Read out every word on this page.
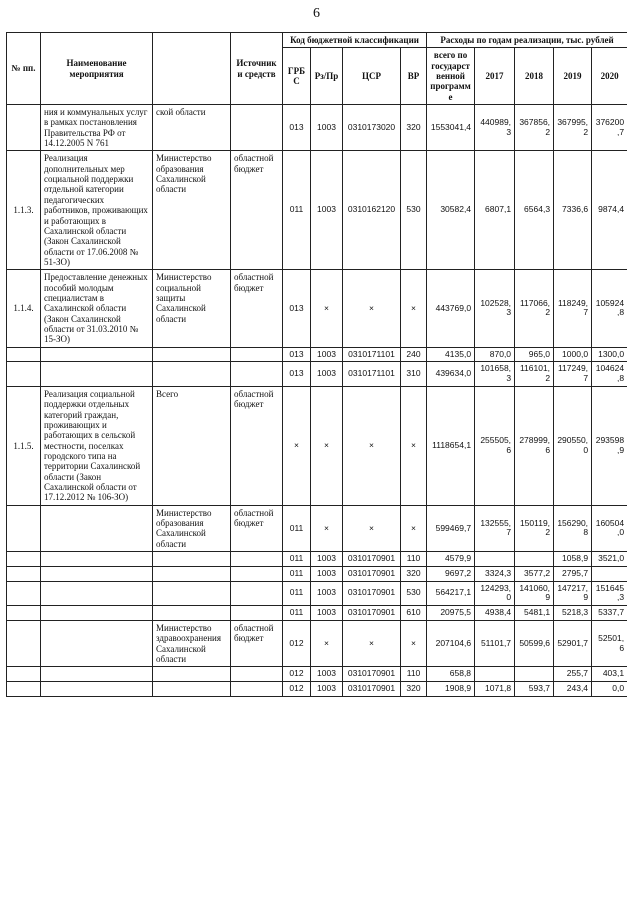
6
№ пп.	Наименование мероприятия		Источники средств	Код бюджетной классификации				Расходы по годам реализации, тыс. рублей				
				ГРБС	Рз/Пр	ЦСР	ВР	всего по государственной программе	2017	2018	2019	2020
	ния и коммунальных услуг в рамках постановления Правительства РФ от 14.12.2005 N 761	ской области		013	1003	0310173020	320	1553041,4	440989,3	367856,2	367995,2	376200,7
1.1.3.	Реализация дополнительных мер социальной поддержки отдельной категории педагогических работников, проживающих и работающих в Сахалинской области (Закон Сахалинской области от 17.06.2008 № 51-ЗО)	Министерство образования Сахалинской области	областной бюджет	011	1003	0310162120	530	30582,4	6807,1	6564,3	7336,6	9874,4
1.1.4.	Предоставление денежных пособий молодым специалистам в Сахалинской области (Закон Сахалинской области от 31.03.2010 № 15-ЗО)	Министерство социальной защиты Сахалинской области	областной бюджет	013	×	×	×	443769,0	102528,3	117066,2	118249,7	105924,8
				013	1003	0310171101	240	4135,0	870,0	965,0	1000,0	1300,0
				013	1003	0310171101	310	439634,0	101658,3	116101,2	117249,7	104624,8
1.1.5.	Реализация социальной поддержки отдельных категорий граждан, проживающих и работающих в сельской местности, поселках городского типа на территории Сахалинской области (Закон Сахалинской области от 17.12.2012 № 106-ЗО)	Всего	областной бюджет	×	×	×	×	1118654,1	255505,6	278999,6	290550,0	293598,9
		Министерство образования Сахалинской области	областной бюджет	011	×	×	×	599469,7	132555,7	150119,2	156290,8	160504,0
				011	1003	0310170901	110	4579,9			1058,9	3521,0
				011	1003	0310170901	320	9697,2	3324,3	3577,2	2795,7	
				011	1003	0310170901	530	564217,1	124293,0	141060,9	147217,9	151645,3
				011	1003	0310170901	610	20975,5	4938,4	5481,1	5218,3	5337,7
		Министерство здравоохранения Сахалинской области	областной бюджет	012	×	×	×	207104,6	51101,7	50599,6	52901,7	52501,6
				012	1003	0310170901	110	658,8			255,7	403,1
				012	1003	0310170901	320	1908,9	1071,8	593,7	243,4	0,0
